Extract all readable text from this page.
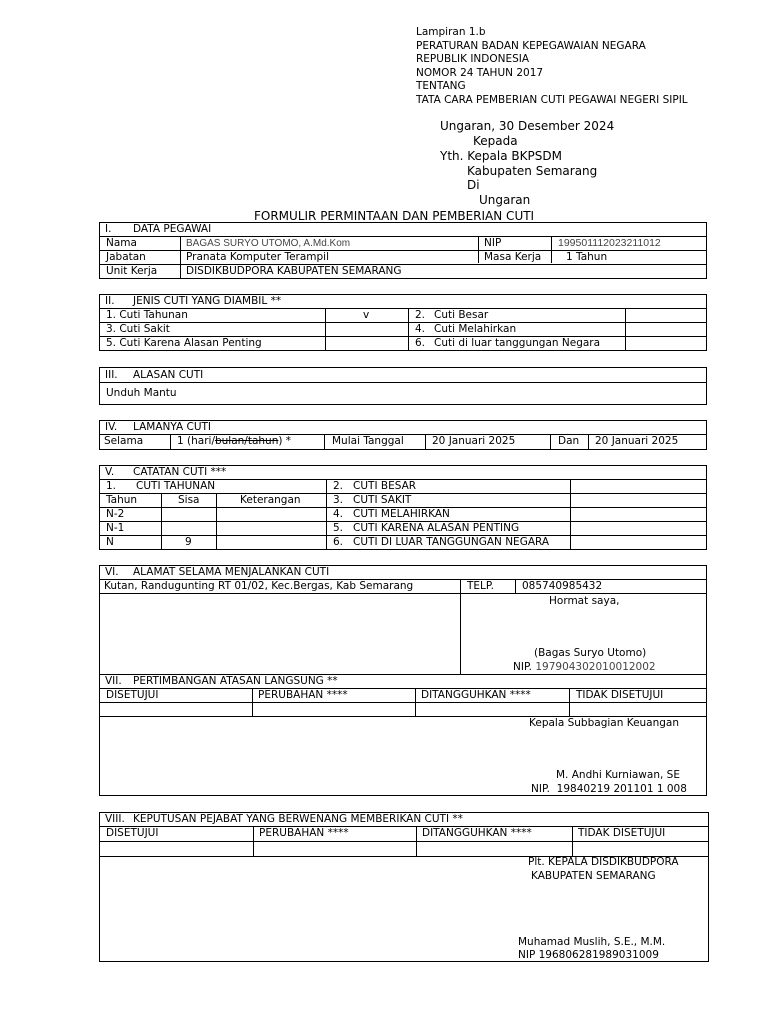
Lampiran 1.b
PERATURAN BADAN KEPEGAWAIAN NEGARA
REPUBLIK INDONESIA
NOMOR 24 TAHUN 2017
TENTANG
TATA CARA PEMBERIAN CUTI PEGAWAI NEGERI SIPIL
Ungaran, 30 Desember 2024
Kepada
Yth. Kepala BKPSDM
Kabupaten Semarang
Di
Ungaran
FORMULIR PERMINTAAN DAN PEMBERIAN CUTI
I. DATA PEGAWAI
Nama	BAGAS SURYO UTOMO, A.Md.Kom	NIP	199501112023211012
Jabatan	Pranata Komputer Terampil	Masa Kerja 1 Tahun
Unit Kerja	DISDIKBUDPORA KABUPATEN SEMARANG
II. JENIS CUTI YANG DIAMBIL **
1. Cuti Tahunan	v	2. Cuti Besar
3. Cuti Sakit	4. Cuti Melahirkan
5. Cuti Karena Alasan Penting	6. Cuti di luar tanggungan Negara
III. ALASAN CUTI
Unduh Mantu
IV. LAMANYA CUTI
Selama	1 (hari/bulan/tahun) *	Mulai Tanggal	20 Januari 2025	Dan 20 Januari 2025
V. CATATAN CUTI ***
1.      CUTI TAHUNAN
Tahun	Sisa	Keterangan
N-2
N-1
N	9
2.   CUTI BESAR
3.   CUTI SAKIT
4.   CUTI MELAHIRKAN
5.   CUTI KARENA ALASAN PENTING
6.   CUTI DI LUAR TANGGUNGAN NEGARA
VI. ALAMAT SELAMA MENJALANKAN CUTI
Kutan, Randugunting RT 01/02, Kec.Bergas, Kab Semarang	TELP.	085740985432
Hormat saya,
(Bagas Suryo Utomo)
NIP. 197904302010012002
VII. PERTIMBANGAN ATASAN LANGSUNG **
DISETUJUI	PERUBAHAN ****	DITANGGUHKAN ****	TIDAK DISETUJUI
Kepala Subbagian Keuangan
M. Andhi Kurniawan, SE
NIP.  19840219 201101 1 008
VIII. KEPUTUSAN PEJABAT YANG BERWENANG MEMBERIKAN CUTI **
DISETUJUI	PERUBAHAN ****	DITANGGUHKAN ****	TIDAK DISETUJUI
Plt. KEPALA DISDIKBUDPORA
KABUPATEN SEMARANG
Muhamad Muslih, S.E., M.M.
NIP 196806281989031009
